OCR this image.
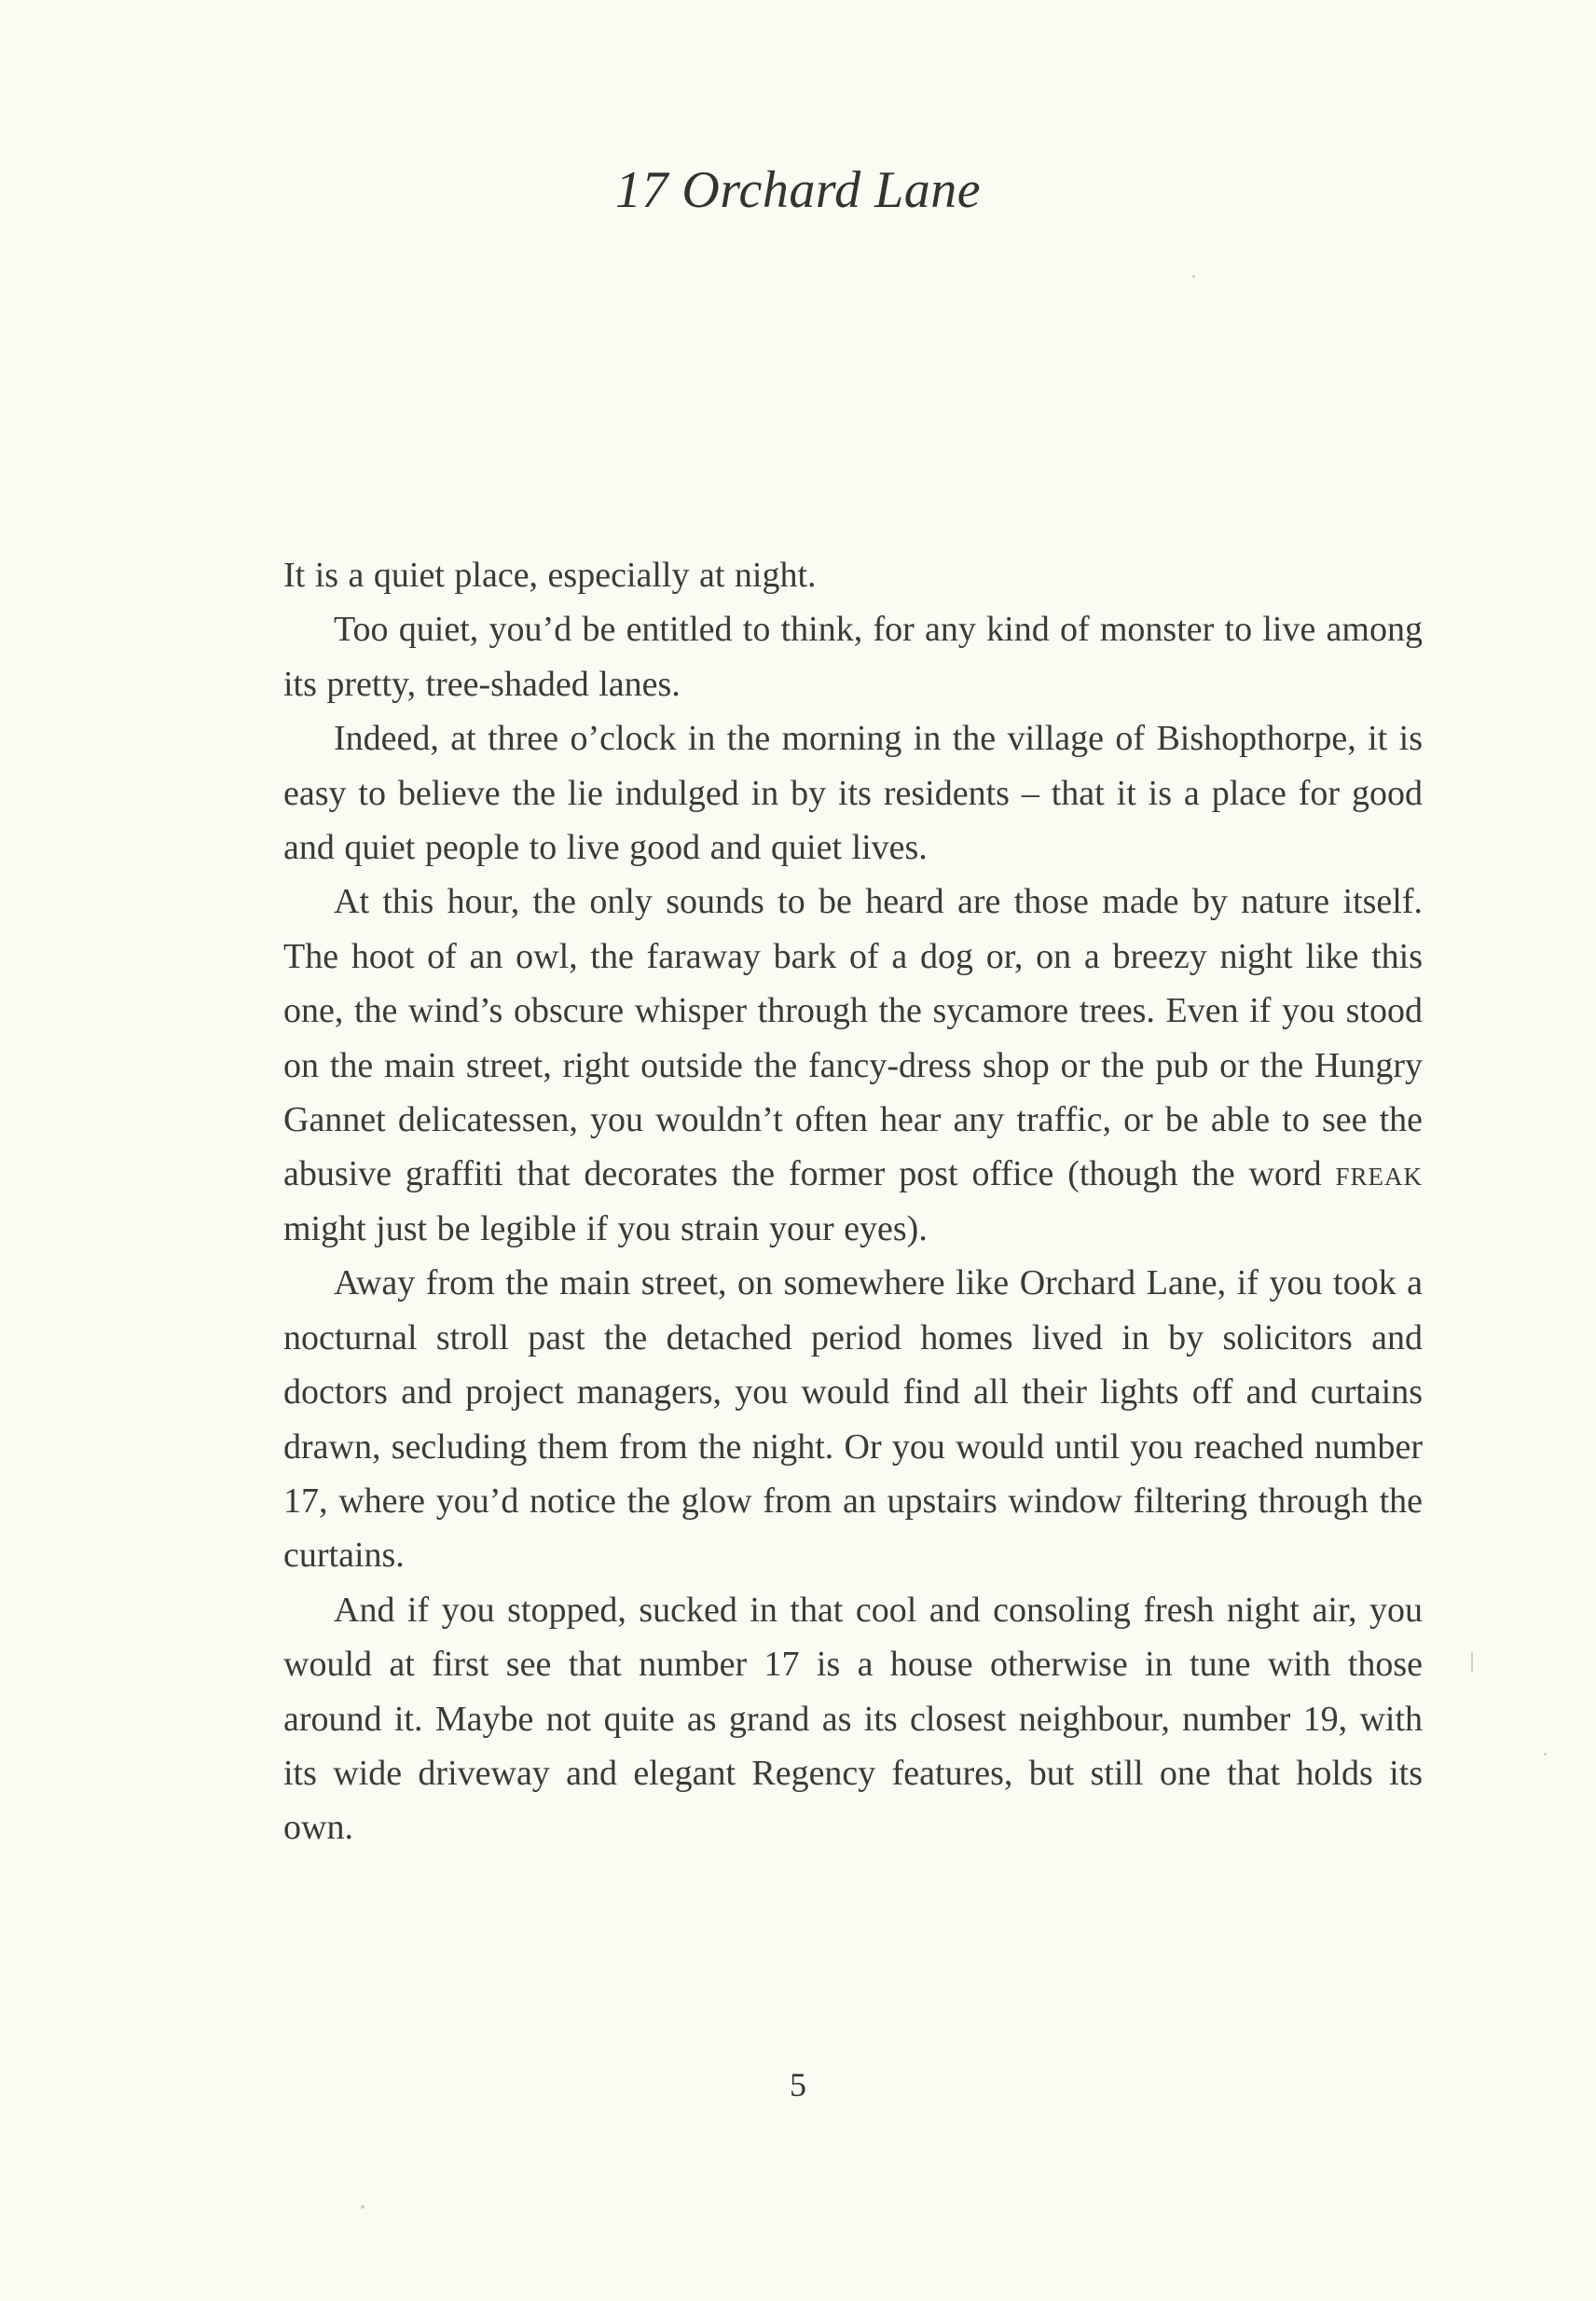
17 Orchard Lane

It is a quiet place, especially at night.

Too quiet, you’d be entitled to think, for any kind of monster to live among its pretty, tree-shaded lanes.

Indeed, at three o’clock in the morning in the village of Bishopthorpe, it is easy to believe the lie indulged in by its residents – that it is a place for good and quiet people to live good and quiet lives.

At this hour, the only sounds to be heard are those made by nature itself. The hoot of an owl, the faraway bark of a dog or, on a breezy night like this one, the wind’s obscure whisper through the sycamore trees. Even if you stood on the main street, right outside the fancy-dress shop or the pub or the Hungry Gannet delicatessen, you wouldn’t often hear any traffic, or be able to see the abusive graffiti that decorates the former post office (though the word freak might just be legible if you strain your eyes).

Away from the main street, on somewhere like Orchard Lane, if you took a nocturnal stroll past the detached period homes lived in by solicitors and doctors and project managers, you would find all their lights off and curtains drawn, secluding them from the night. Or you would until you reached number 17, where you’d notice the glow from an upstairs window filtering through the curtains.

And if you stopped, sucked in that cool and consoling fresh night air, you would at first see that number 17 is a house otherwise in tune with those around it. Maybe not quite as grand as its closest neighbour, number 19, with its wide driveway and elegant Regency features, but still one that holds its own.

5
